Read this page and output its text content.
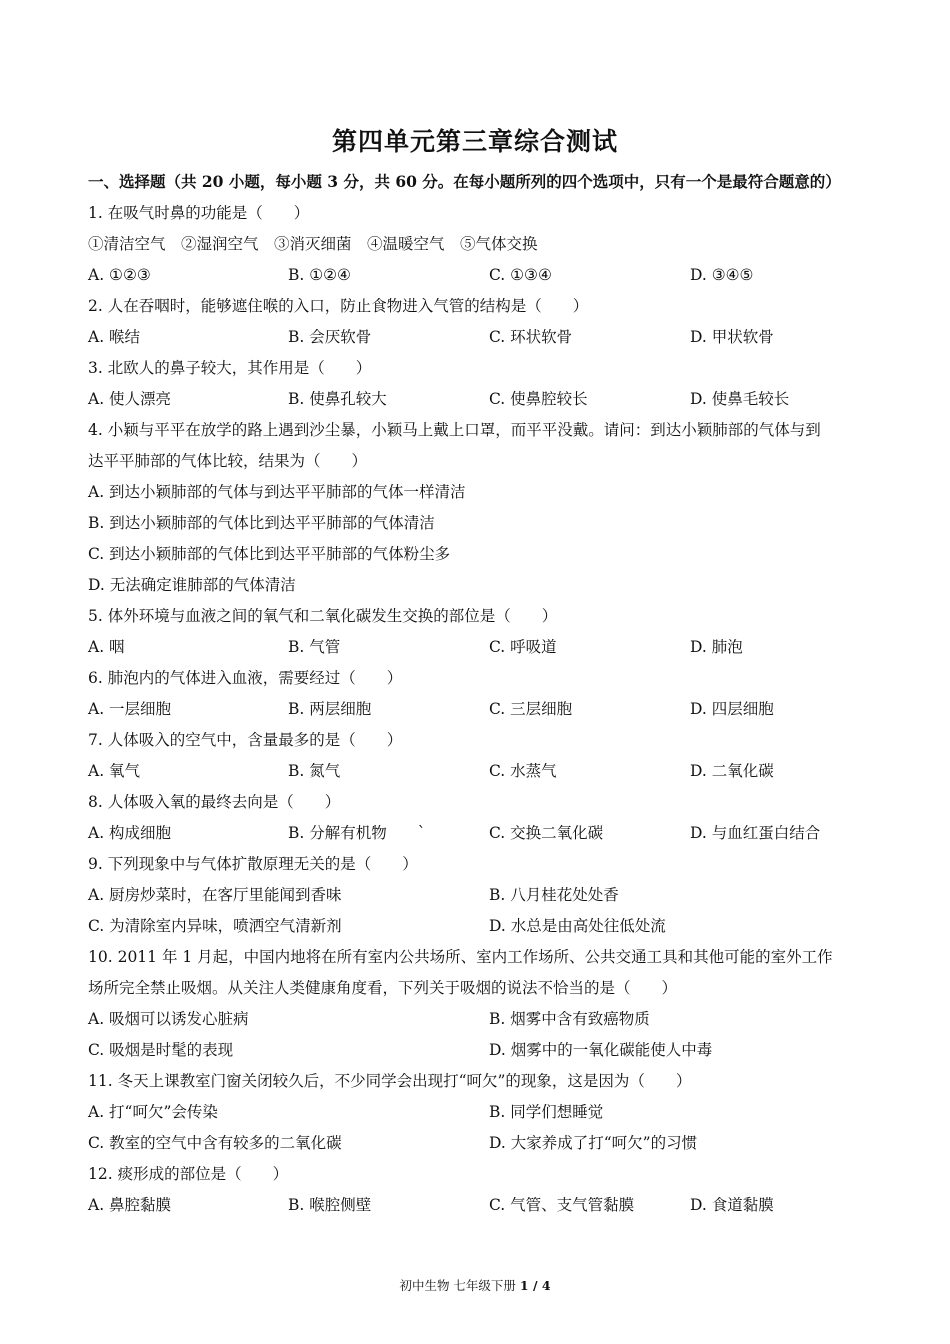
第四单元第三章综合测试
一、选择题（共 20 小题，每小题 3 分，共 60 分。在每小题所列的四个选项中，只有一个是最符合题意的）
1. 在吸气时鼻的功能是（　　）
①清洁空气　②湿润空气　③消灭细菌　④温暖空气　⑤气体交换
A. ①②③	B. ①②④	C. ①③④	D. ③④⑤
2. 人在吞咽时，能够遮住喉的入口，防止食物进入气管的结构是（　　）
A. 喉结	B. 会厌软骨	C. 环状软骨	D. 甲状软骨
3. 北欧人的鼻子较大，其作用是（　　）
A. 使人漂亮	B. 使鼻孔较大	C. 使鼻腔较长	D. 使鼻毛较长
4. 小颖与平平在放学的路上遇到沙尘暴，小颖马上戴上口罩，而平平没戴。请问：到达小颖肺部的气体与到
达平平肺部的气体比较，结果为（　　）
A. 到达小颖肺部的气体与到达平平肺部的气体一样清洁
B. 到达小颖肺部的气体比到达平平肺部的气体清洁
C. 到达小颖肺部的气体比到达平平肺部的气体粉尘多
D. 无法确定谁肺部的气体清洁
5. 体外环境与血液之间的氧气和二氧化碳发生交换的部位是（　　）
A. 咽	B. 气管	C. 呼吸道	D. 肺泡
6. 肺泡内的气体进入血液，需要经过（　　）
A. 一层细胞	B. 两层细胞	C. 三层细胞	D. 四层细胞
7. 人体吸入的空气中，含量最多的是（　　）
A. 氧气	B. 氮气	C. 水蒸气	D. 二氧化碳
8. 人体吸入氧的最终去向是（　　）
A. 构成细胞	B. 分解有机物　　`	C. 交换二氧化碳	D. 与血红蛋白结合
9. 下列现象中与气体扩散原理无关的是（　　）
A. 厨房炒菜时，在客厅里能闻到香味	B. 八月桂花处处香
C. 为清除室内异味，喷洒空气清新剂	D. 水总是由高处往低处流
10. 2011 年 1 月起，中国内地将在所有室内公共场所、室内工作场所、公共交通工具和其他可能的室外工作
场所完全禁止吸烟。从关注人类健康角度看，下列关于吸烟的说法不恰当的是（　　）
A. 吸烟可以诱发心脏病	B. 烟雾中含有致癌物质
C. 吸烟是时髦的表现	D. 烟雾中的一氧化碳能使人中毒
11. 冬天上课教室门窗关闭较久后，不少同学会出现打“呵欠”的现象，这是因为（　　）
A. 打“呵欠”会传染	B. 同学们想睡觉
C. 教室的空气中含有较多的二氧化碳	D. 大家养成了打“呵欠”的习惯
12. 痰形成的部位是（　　）
A. 鼻腔黏膜	B. 喉腔侧壁	C. 气管、支气管黏膜	D. 食道黏膜
初中生物 七年级下册 1 / 4
